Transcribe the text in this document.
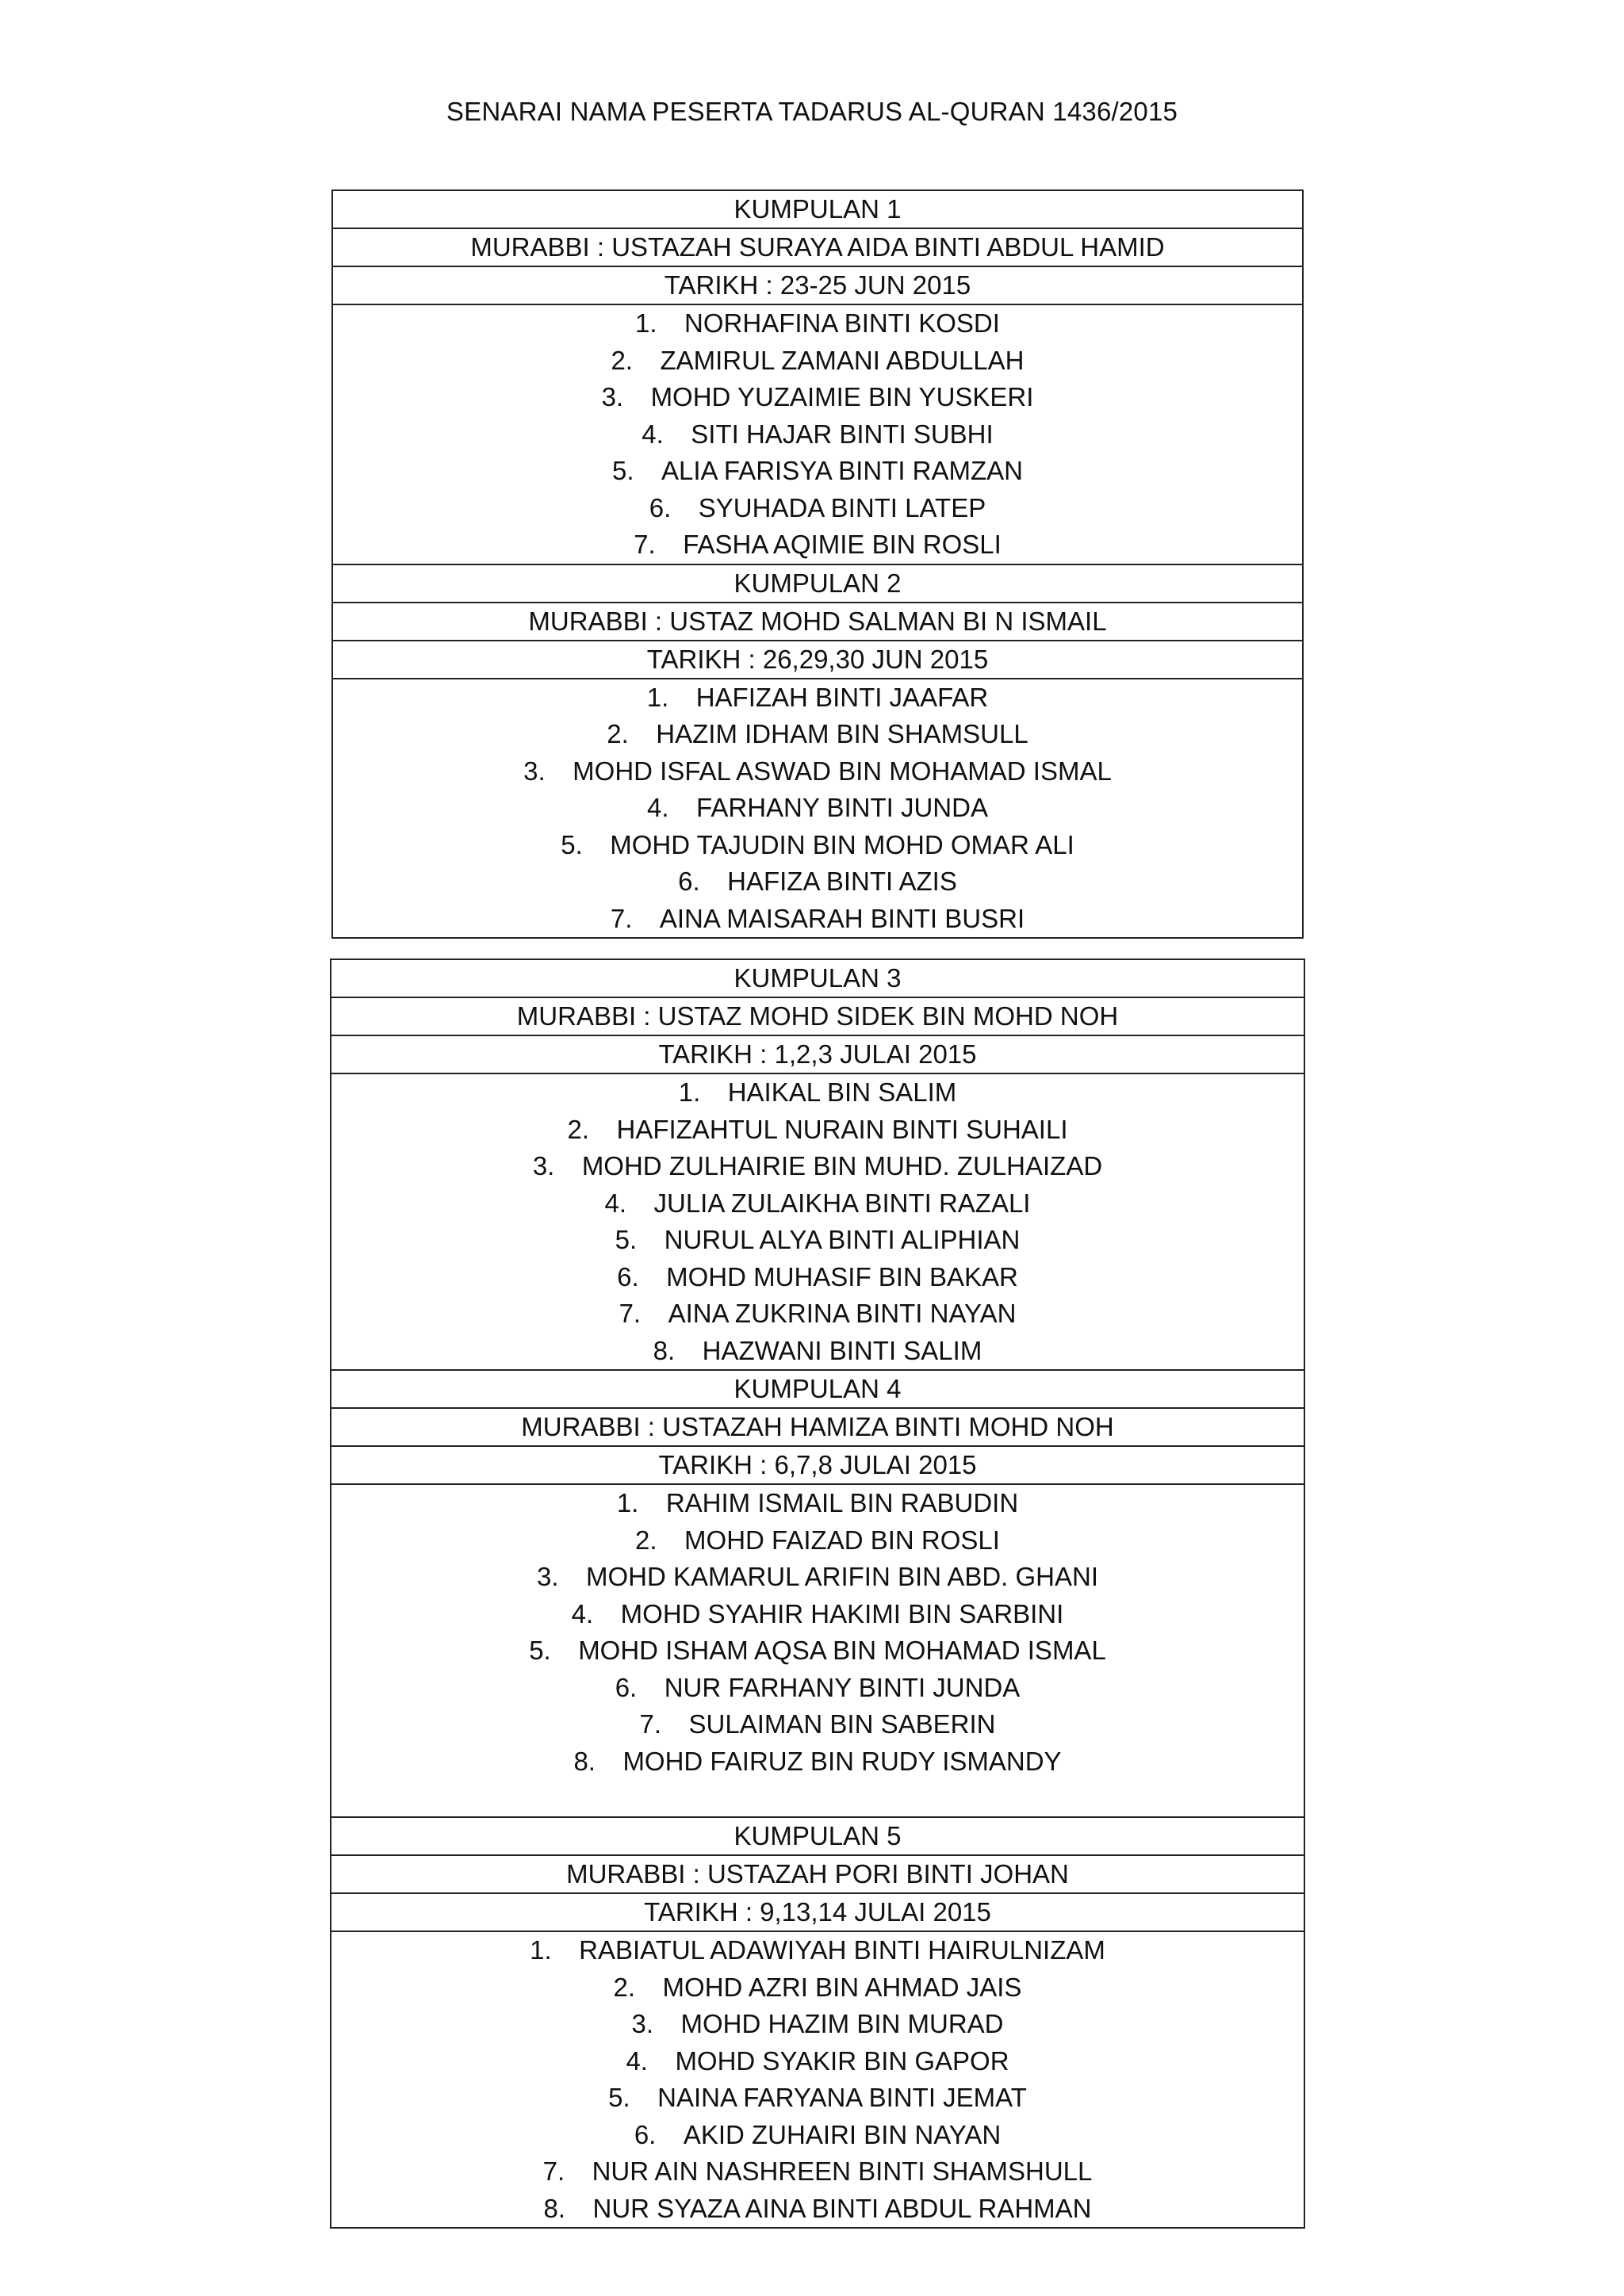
SENARAI NAMA PESERTA TADARUS AL-QURAN 1436/2015
KUMPULAN 1
MURABBI : USTAZAH SURAYA AIDA BINTI ABDUL HAMID
TARIKH : 23-25 JUN 2015
1. NORHAFINA BINTI KOSDI
2. ZAMIRUL ZAMANI ABDULLAH
3. MOHD YUZAIMIE BIN YUSKERI
4. SITI HAJAR BINTI SUBHI
5. ALIA FARISYA BINTI RAMZAN
6. SYUHADA BINTI LATEP
7. FASHA AQIMIE BIN ROSLI
KUMPULAN 2
MURABBI : USTAZ MOHD SALMAN BI N ISMAIL
TARIKH : 26,29,30 JUN 2015
1. HAFIZAH BINTI JAAFAR
2. HAZIM IDHAM BIN SHAMSULL
3. MOHD ISFAL ASWAD BIN MOHAMAD ISMAL
4. FARHANY BINTI JUNDA
5. MOHD TAJUDIN BIN MOHD OMAR ALI
6. HAFIZA BINTI AZIS
7. AINA MAISARAH BINTI BUSRI
KUMPULAN 3
MURABBI : USTAZ MOHD SIDEK BIN MOHD NOH
TARIKH : 1,2,3 JULAI 2015
1. HAIKAL BIN SALIM
2. HAFIZAHTUL NURAIN BINTI SUHAILI
3. MOHD ZULHAIRIE BIN MUHD. ZULHAIZAD
4. JULIA ZULAIKHA BINTI RAZALI
5. NURUL ALYA BINTI ALIPHIAN
6. MOHD MUHASIF BIN BAKAR
7. AINA ZUKRINA BINTI NAYAN
8. HAZWANI BINTI SALIM
KUMPULAN 4
MURABBI : USTAZAH HAMIZA BINTI MOHD NOH
TARIKH : 6,7,8 JULAI 2015
1. RAHIM ISMAIL BIN RABUDIN
2. MOHD FAIZAD BIN ROSLI
3. MOHD KAMARUL ARIFIN BIN ABD. GHANI
4. MOHD SYAHIR HAKIMI BIN SARBINI
5. MOHD ISHAM AQSA BIN MOHAMAD ISMAL
6. NUR FARHANY BINTI JUNDA
7. SULAIMAN BIN SABERIN
8. MOHD FAIRUZ BIN RUDY ISMANDY
KUMPULAN 5
MURABBI : USTAZAH PORI BINTI JOHAN
TARIKH : 9,13,14 JULAI 2015
1. RABIATUL ADAWIYAH BINTI HAIRULNIZAM
2. MOHD AZRI BIN AHMAD JAIS
3. MOHD HAZIM BIN MURAD
4. MOHD SYAKIR BIN GAPOR
5. NAINA FARYANA BINTI JEMAT
6. AKID ZUHAIRI BIN NAYAN
7. NUR AIN NASHREEN BINTI SHAMSHULL
8. NUR SYAZA AINA BINTI ABDUL RAHMAN
